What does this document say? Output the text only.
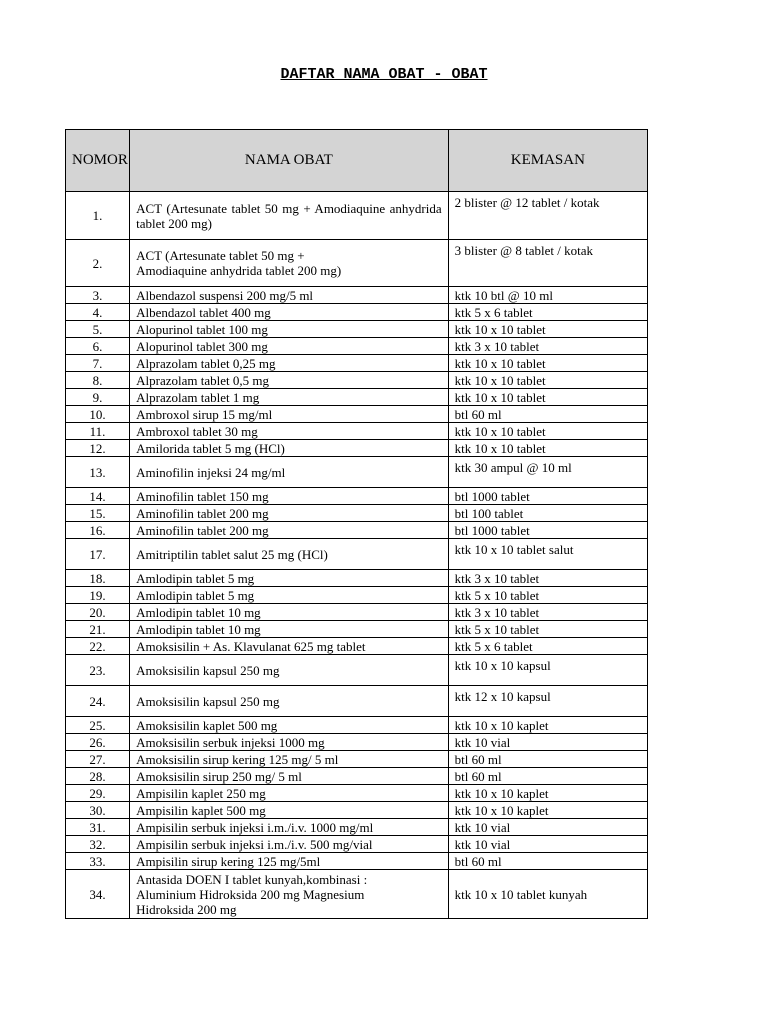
DAFTAR NAMA OBAT - OBAT
NOMOR	NAMA OBAT	KEMASAN
1.	ACT (Artesunate tablet 50 mg + Amodiaquine anhydrida tablet 200 mg)	2 blister @ 12 tablet / kotak
2.	ACT (Artesunate tablet 50 mg + Amodiaquine anhydrida tablet 200 mg)	3 blister @ 8 tablet / kotak
3.	Albendazol suspensi 200 mg/5 ml	ktk 10 btl @ 10 ml
4.	Albendazol tablet 400 mg	ktk 5 x 6 tablet
5.	Alopurinol tablet 100 mg	ktk 10 x 10 tablet
6.	Alopurinol tablet 300 mg	ktk 3 x 10 tablet
7.	Alprazolam tablet 0,25 mg	ktk 10 x 10 tablet
8.	Alprazolam tablet 0,5 mg	ktk 10 x 10 tablet
9.	Alprazolam tablet 1 mg	ktk 10 x 10 tablet
10.	Ambroxol sirup 15 mg/ml	btl 60 ml
11.	Ambroxol tablet 30 mg	ktk 10 x 10 tablet
12.	Amilorida tablet 5 mg (HCl)	ktk 10 x 10 tablet
13.	Aminofilin injeksi 24 mg/ml	ktk 30 ampul @ 10 ml
14.	Aminofilin tablet 150 mg	btl 1000 tablet
15.	Aminofilin tablet 200 mg	btl 100 tablet
16.	Aminofilin tablet 200 mg	btl 1000 tablet
17.	Amitriptilin tablet salut 25 mg (HCl)	ktk 10 x 10 tablet salut
18.	Amlodipin tablet 5 mg	ktk 3 x 10 tablet
19.	Amlodipin tablet 5 mg	ktk 5 x 10 tablet
20.	Amlodipin tablet 10 mg	ktk 3 x 10 tablet
21.	Amlodipin tablet 10 mg	ktk 5 x 10 tablet
22.	Amoksisilin + As. Klavulanat 625 mg tablet	ktk 5 x 6 tablet
23.	Amoksisilin kapsul 250 mg	ktk 10 x 10 kapsul
24.	Amoksisilin kapsul 250 mg	ktk 12 x 10 kapsul
25.	Amoksisilin kaplet 500 mg	ktk 10 x 10 kaplet
26.	Amoksisilin serbuk injeksi 1000 mg	ktk 10 vial
27.	Amoksisilin sirup kering 125 mg/ 5 ml	btl 60 ml
28.	Amoksisilin sirup 250 mg/ 5 ml	btl 60 ml
29.	Ampisilin kaplet 250 mg	ktk 10 x 10 kaplet
30.	Ampisilin kaplet 500 mg	ktk 10 x 10 kaplet
31.	Ampisilin serbuk injeksi i.m./i.v. 1000 mg/ml	ktk 10 vial
32.	Ampisilin serbuk injeksi i.m./i.v. 500 mg/vial	ktk 10 vial
33.	Ampisilin sirup kering 125 mg/5ml	btl 60 ml
34.	Antasida DOEN I tablet kunyah,kombinasi : Aluminium Hidroksida 200 mg Magnesium Hidroksida 200 mg	ktk 10 x 10 tablet kunyah
